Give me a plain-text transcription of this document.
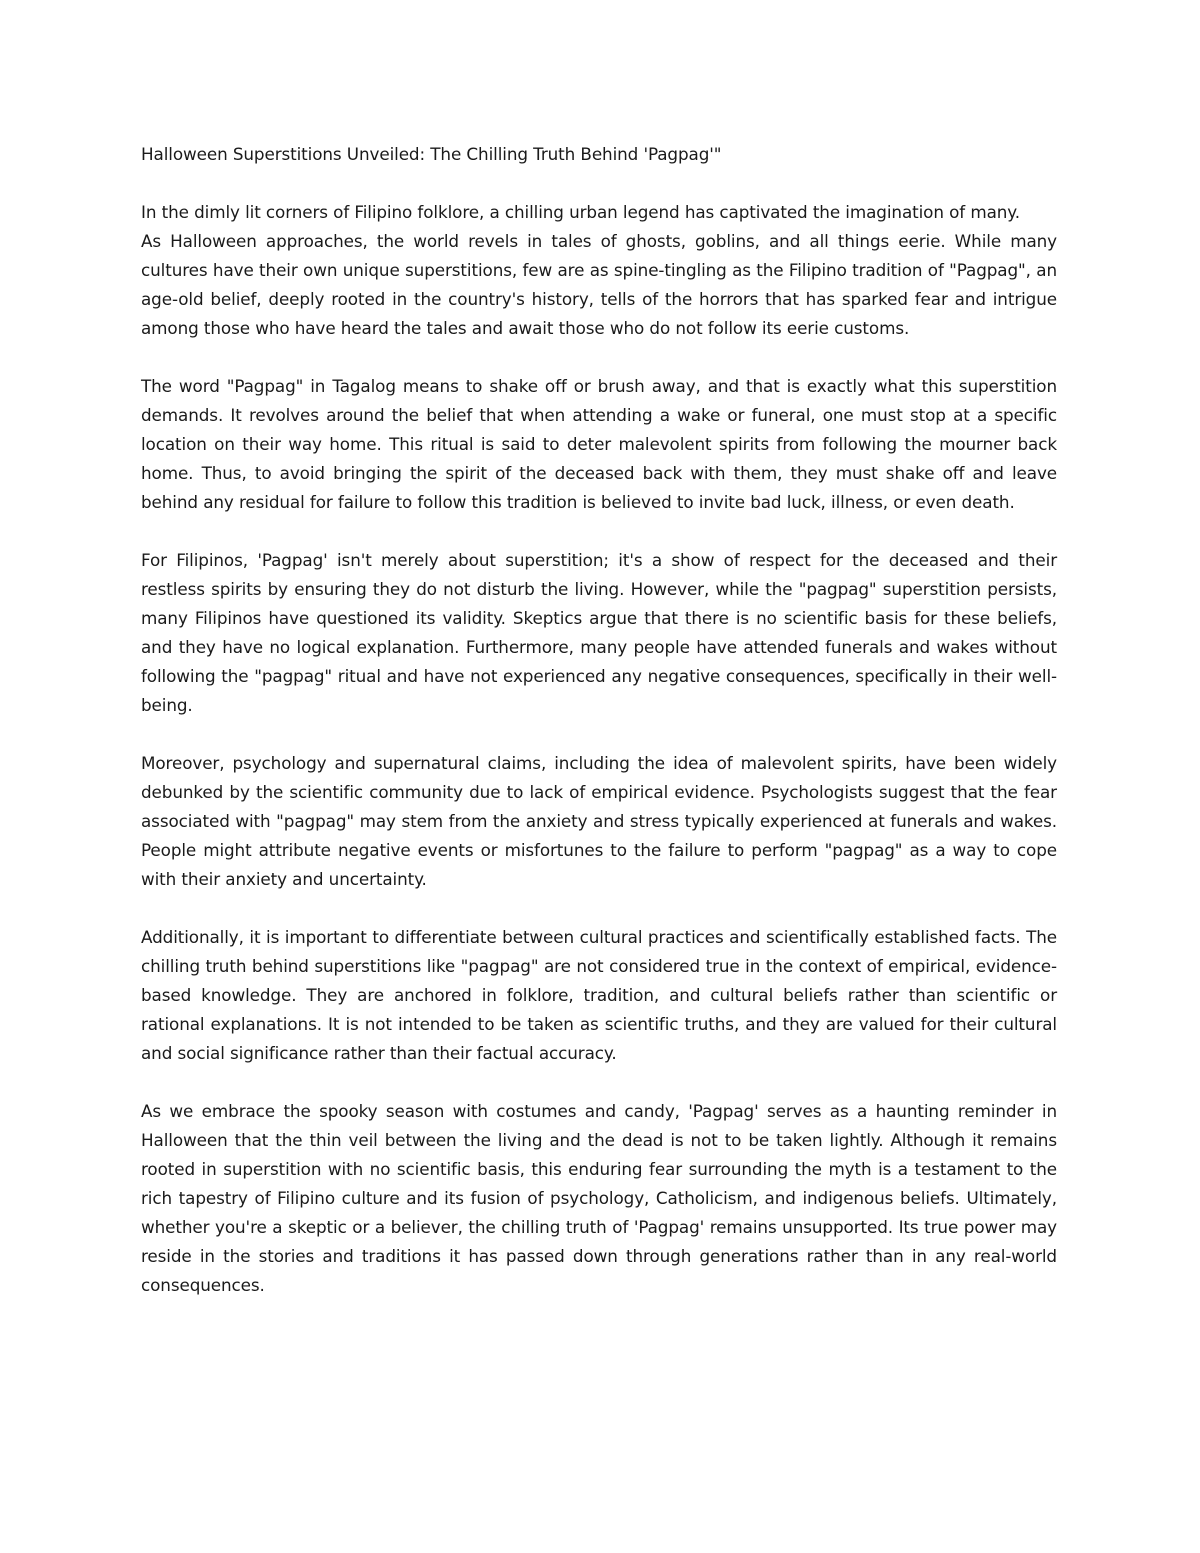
Halloween Superstitions Unveiled: The Chilling Truth Behind 'Pagpag'"

In the dimly lit corners of Filipino folklore, a chilling urban legend has captivated the imagination of many.

As Halloween approaches, the world revels in tales of ghosts, goblins, and all things eerie. While many cultures have their own unique superstitions, few are as spine-tingling as the Filipino tradition of "Pagpag", an age-old belief, deeply rooted in the country's history, tells of the horrors that has sparked fear and intrigue among those who have heard the tales and await those who do not follow its eerie customs.

The word "Pagpag" in Tagalog means to shake off or brush away, and that is exactly what this superstition demands. It revolves around the belief that when attending a wake or funeral, one must stop at a specific location on their way home. This ritual is said to deter malevolent spirits from following the mourner back home. Thus, to avoid bringing the spirit of the deceased back with them, they must shake off and leave behind any residual for failure to follow this tradition is believed to invite bad luck, illness, or even death.

For Filipinos, 'Pagpag' isn't merely about superstition; it's a show of respect for the deceased and their restless spirits by ensuring they do not disturb the living. However, while the "pagpag" superstition persists, many Filipinos have questioned its validity. Skeptics argue that there is no scientific basis for these beliefs, and they have no logical explanation. Furthermore, many people have attended funerals and wakes without following the "pagpag" ritual and have not experienced any negative consequences, specifically in their well-being.

Moreover, psychology and supernatural claims, including the idea of malevolent spirits, have been widely debunked by the scientific community due to lack of empirical evidence. Psychologists suggest that the fear associated with "pagpag" may stem from the anxiety and stress typically experienced at funerals and wakes. People might attribute negative events or misfortunes to the failure to perform "pagpag" as a way to cope with their anxiety and uncertainty.

Additionally, it is important to differentiate between cultural practices and scientifically established facts. The chilling truth behind superstitions like "pagpag" are not considered true in the context of empirical, evidence-based knowledge. They are anchored in folklore, tradition, and cultural beliefs rather than scientific or rational explanations. It is not intended to be taken as scientific truths, and they are valued for their cultural and social significance rather than their factual accuracy.

As we embrace the spooky season with costumes and candy, 'Pagpag' serves as a haunting reminder in Halloween that the thin veil between the living and the dead is not to be taken lightly. Although it remains rooted in superstition with no scientific basis, this enduring fear surrounding the myth is a testament to the rich tapestry of Filipino culture and its fusion of psychology, Catholicism, and indigenous beliefs. Ultimately, whether you're a skeptic or a believer, the chilling truth of 'Pagpag' remains unsupported. Its true power may reside in the stories and traditions it has passed down through generations rather than in any real-world consequences.
